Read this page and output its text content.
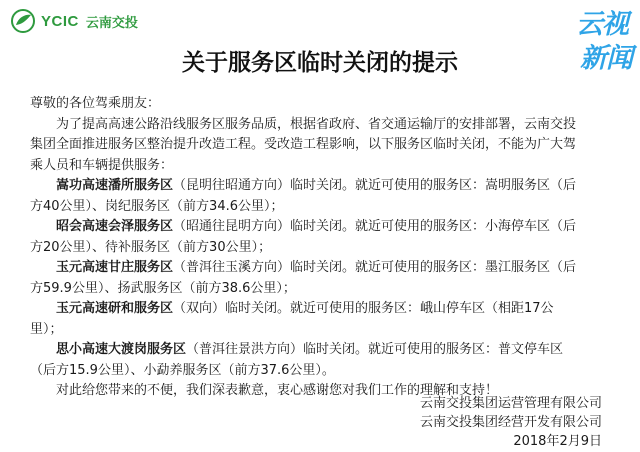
YCIC 云南交投	云视
新闻
关于服务区临时关闭的提示

尊敬的各位驾乘朋友：

为了提高高速公路沿线服务区服务品质，根据省政府、省交通运输厅的安排部署，云南交投集团全面推进服务区整治提升改造工程。受改造工程影响，以下服务区临时关闭，不能为广大驾乘人员和车辆提供服务：

嵩功高速潘所服务区（昆明往昭通方向）临时关闭。就近可使用的服务区：嵩明服务区（后方40公里）、岗纪服务区（前方34.6公里）；

昭会高速会泽服务区（昭通往昆明方向）临时关闭。就近可使用的服务区：小海停车区（后方20公里）、待补服务区（前方30公里）；

玉元高速甘庄服务区（普洱往玉溪方向）临时关闭。就近可使用的服务区：墨江服务区（后方59.9公里）、扬武服务区（前方38.6公里）；

玉元高速研和服务区（双向）临时关闭。就近可使用的服务区：峨山停车区（相距17公里）；

思小高速大渡岗服务区（普洱往景洪方向）临时关闭。就近可使用的服务区：普文停车区（后方15.9公里）、小勐养服务区（前方37.6公里）。

对此给您带来的不便，我们深表歉意，衷心感谢您对我们工作的理解和支持！

云南交投集团运营管理有限公司
云南交投集团经营开发有限公司
2018年2月9日
